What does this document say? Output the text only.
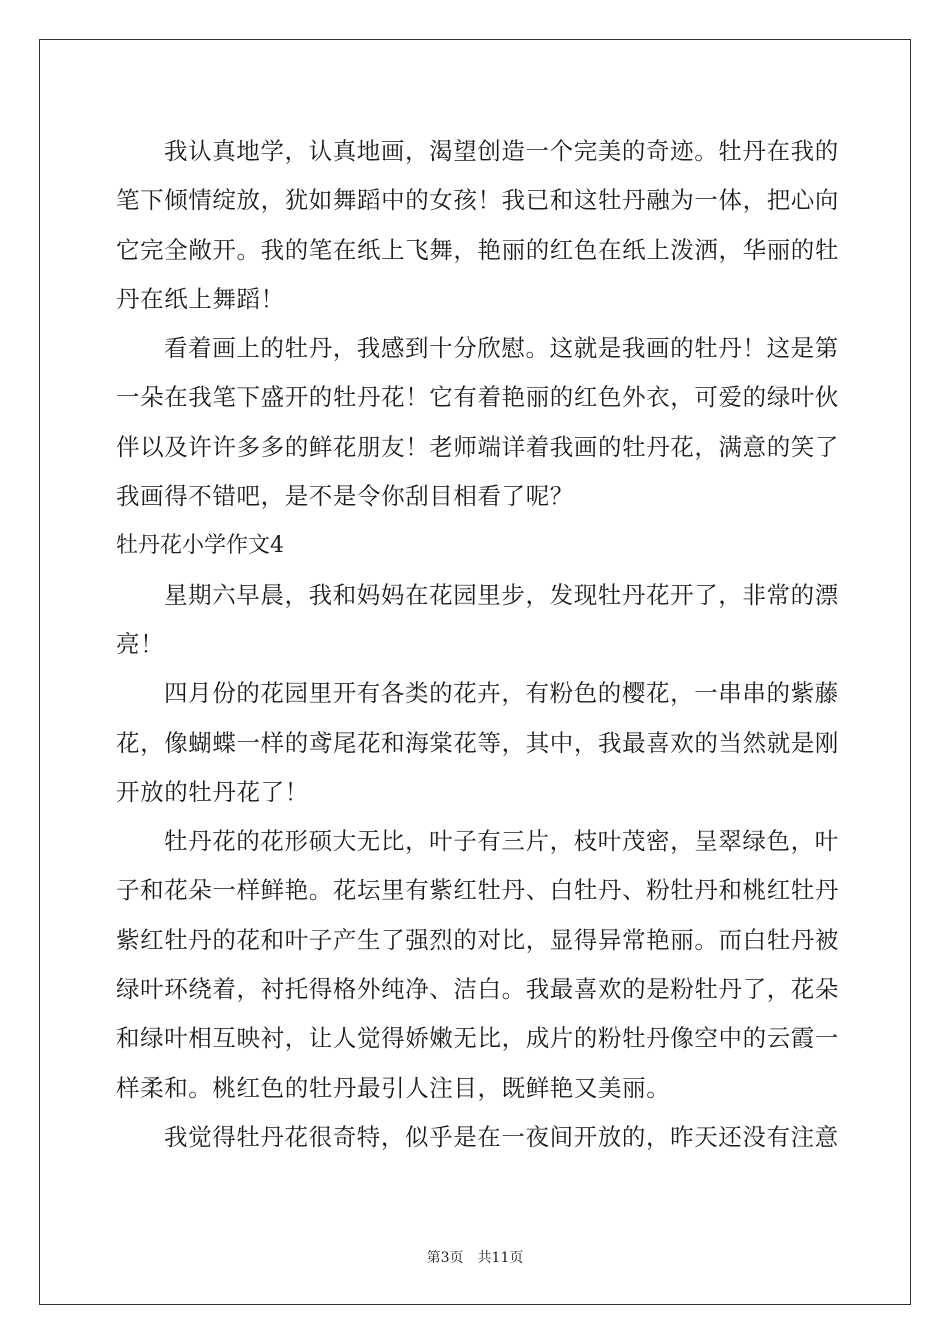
我认真地学，认真地画，渴望创造一个完美的奇迹。牡丹在我的
笔下倾情绽放，犹如舞蹈中的女孩！我已和这牡丹融为一体，把心向
它完全敞开。我的笔在纸上飞舞，艳丽的红色在纸上泼洒，华丽的牡
丹在纸上舞蹈！
看着画上的牡丹，我感到十分欣慰。这就是我画的牡丹！这是第
一朵在我笔下盛开的牡丹花！它有着艳丽的红色外衣，可爱的绿叶伙
伴以及许许多多的鲜花朋友！老师端详着我画的牡丹花，满意的笑了
我画得不错吧，是不是令你刮目相看了呢？
牡丹花小学作文4
星期六早晨，我和妈妈在花园里步，发现牡丹花开了，非常的漂
亮！
四月份的花园里开有各类的花卉，有粉色的樱花，一串串的紫藤
花，像蝴蝶一样的鸢尾花和海棠花等，其中，我最喜欢的当然就是刚
开放的牡丹花了！
牡丹花的花形硕大无比，叶子有三片，枝叶茂密，呈翠绿色，叶
子和花朵一样鲜艳。花坛里有紫红牡丹、白牡丹、粉牡丹和桃红牡丹
紫红牡丹的花和叶子产生了强烈的对比，显得异常艳丽。而白牡丹被
绿叶环绕着，衬托得格外纯净、洁白。我最喜欢的是粉牡丹了，花朵
和绿叶相互映衬，让人觉得娇嫩无比，成片的粉牡丹像空中的云霞一
样柔和。桃红色的牡丹最引人注目，既鲜艳又美丽。
我觉得牡丹花很奇特，似乎是在一夜间开放的，昨天还没有注意
第3页 共11页
